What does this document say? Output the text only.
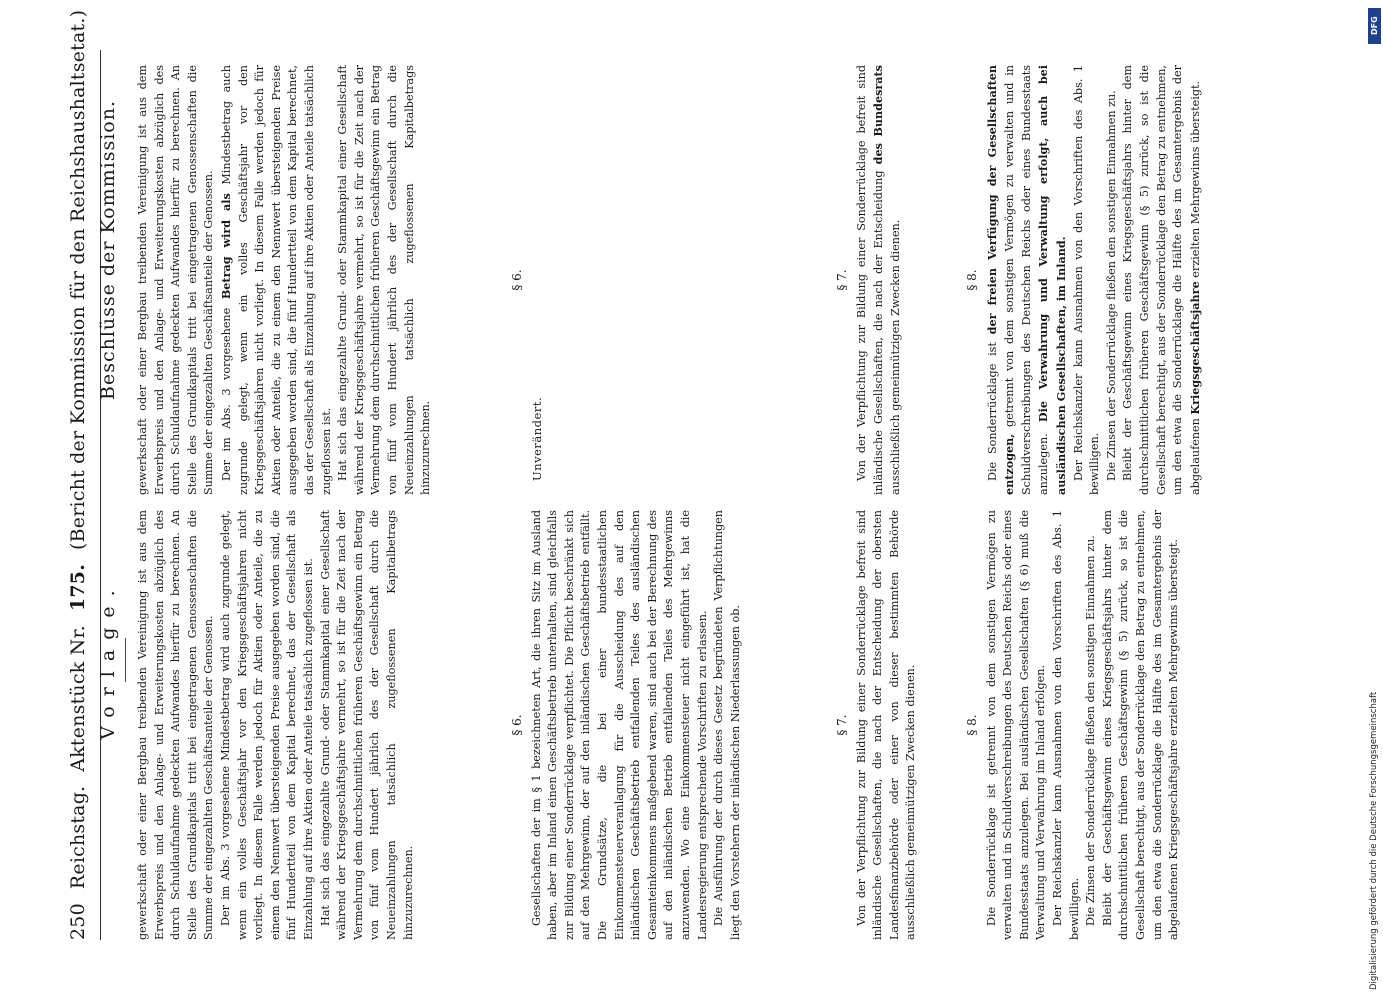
250
Reichstag.
Aktenstück Nr.
175.
(Bericht der Kommission für den Reichshaushaltsetat.)
Vorlage.
Beschlüsse der Kommission.

gewerkschaft oder einer Bergbau treibenden Vereinigung ist aus dem Erwerbspreis und den Anlage- und Erweiterungskosten abzüglich des durch Schuldaufnahme gedeckten Aufwandes hierfür zu berechnen. An Stelle des Grundkapitals tritt bei eingetragenen Genossenschaften die Summe der eingezahlten Geschäftsanteile der Genossen. Der im Abs. 3 vorgesehene Mindestbetrag wird auch zugrunde gelegt, wenn ein volles Geschäftsjahr vor den Kriegsgeschäftsjahren nicht vorliegt. In diesem Falle werden jedoch für Aktien oder Anteile, die zu einem den Nennwert übersteigenden Preise ausgegeben worden sind, die fünf Hundertteil von dem Kapital berechnet, das der Gesellschaft als Einzahlung auf ihre Aktien oder Anteile tatsächlich zugeflossen ist. Hat sich das eingezahlte Grund- oder Stammkapital einer Gesellschaft während der Kriegsgeschäftsjahre vermehrt, so ist für die Zeit nach der Vermehrung dem durchschnittlichen früheren Geschäftsgewinn ein Betrag von fünf vom Hundert jährlich des der Gesellschaft durch die Neueinzahlungen tatsächlich zugeflossenen Kapitalbetrags hinzuzurechnen.

§ 6. Gesellschaften der im § 1 bezeichneten Art, die ihren Sitz im Ausland haben, aber im Inland einen Geschäftsbetrieb unterhalten, sind gleichfalls zur Bildung einer Sonderrücklage verpflichtet. Die Pflicht beschränkt sich auf den Mehrgewinn, der auf den inländischen Geschäftsbetrieb entfällt. Die Grundsätze, die bei einer bundesstaatlichen Einkommensteuerveranlagung für die Ausscheidung des auf den inländischen Geschäftsbetrieb entfallenden Teiles des ausländischen Gesamteinkommens maßgebend waren, sind auch bei der Berechnung des auf den inländischen Betrieb entfallenden Teiles des Mehrgewinns anzuwenden. Wo eine Einkommensteuer nicht eingeführt ist, hat die Landesregierung entsprechende Vorschriften zu erlassen. Die Ausführung der durch dieses Gesetz begründeten Verpflichtungen liegt den Vorstehern der inländischen Niederlassungen ob.	§ 7. Von der Verpflichtung zur Bildung einer Sonderrücklage befreit sind inländische Gesellschaften, die nach der Entscheidung der obersten Landesfinanzbehörde oder einer von dieser bestimmten Behörde ausschließlich gemeinnützigen Zwecken dienen.	§ 8. Die Sonderrücklage ist getrennt von dem sonstigen Vermögen zu verwalten und in Schuldverschreibungen des Deutschen Reichs oder eines Bundesstaats anzulegen. Bei ausländischen Gesellschaften (§ 6) muß die Verwaltung und Verwahrung im Inland erfolgen. Der Reichskanzler kann Ausnahmen von den Vorschriften des Abs. 1 bewilligen. Die Zinsen der Sonderrücklage fließen den sonstigen Einnahmen zu. Bleibt der Geschäftsgewinn eines Kriegsgeschäftsjahrs hinter dem durchschnittlichen früheren Geschäftsgewinn (§ 5) zurück, so ist die Gesellschaft berechtigt, aus der Sonderrücklage den Betrag zu entnehmen, um den etwa die Sonderrücklage die Hälfte des im Gesamtergebnis der abgelaufenen Kriegsgeschäftsjahre erzielten Mehrgewinns übersteigt.

gewerkschaft oder einer Bergbau treibenden Vereinigung ist aus dem Erwerbspreis und den Anlage- und Erweiterungskosten abzüglich des durch Schuldaufnahme gedeckten Aufwandes hierfür zu berechnen. An Stelle des Grundkapitals tritt bei eingetragenen Genossenschaften die Summe der eingezahlten Geschäftsanteile der Genossen. Der im Abs. 3 vorgesehene Betrag wird als Mindestbetrag auch zugrunde gelegt, wenn ein volles Geschäftsjahr vor den Kriegsgeschäftsjahren nicht vorliegt. In diesem Falle werden jedoch für Aktien oder Anteile, die zu einem den Nennwert übersteigenden Preise ausgegeben worden sind, die fünf Hundertteil von dem Kapital berechnet, das der Gesellschaft als Einzahlung auf ihre Aktien oder Anteile tatsächlich zugeflossen ist. Hat sich das eingezahlte Grund- oder Stammkapital einer Gesellschaft während der Kriegsgeschäftsjahre vermehrt, so ist für die Zeit nach der Vermehrung dem durchschnittlichen früheren Geschäftsgewinn ein Betrag von fünf vom Hundert jährlich des der Gesellschaft durch die Neueinzahlungen tatsächlich zugeflossenen Kapitalbetrags hinzuzurechnen.

§ 6.
Unverändert.
§ 7. Von der Verpflichtung zur Bildung einer Sonderrücklage befreit sind inländische Gesellschaften, die nach der Entscheidung des Bundesrats ausschließlich gemeinnützigen Zwecken dienen.	§ 8.

Die Sonderrücklage ist der freien Verfügung der Gesellschaften entzogen, getrennt von dem sonstigen Vermögen zu verwalten und in Schuldverschreibungen des Deutschen Reichs oder eines Bundesstaats anzulegen. Die Verwahrung und Verwaltung erfolgt, auch bei ausländischen Gesellschaften, im Inland. Der Reichskanzler kann Ausnahmen von den Vorschriften des Abs. 1 bewilligen. Die Zinsen der Sonderrücklage fließen den sonstigen Einnahmen zu. Bleibt der Geschäftsgewinn eines Kriegsgeschäftsjahrs hinter dem durchschnittlichen früheren Geschäftsgewinn (§ 5) zurück, so ist die Gesellschaft berechtigt, aus der Sonderrücklage den Betrag zu entnehmen, um den etwa die Sonderrücklage die Hälfte des im Gesamtergebnis der abgelaufenen Kriegsgeschäftsjahre erzielten Mehrgewinns übersteigt.

DFG
Digitalisierung gefördert durch die Deutsche Forschungsgemeinschaft
